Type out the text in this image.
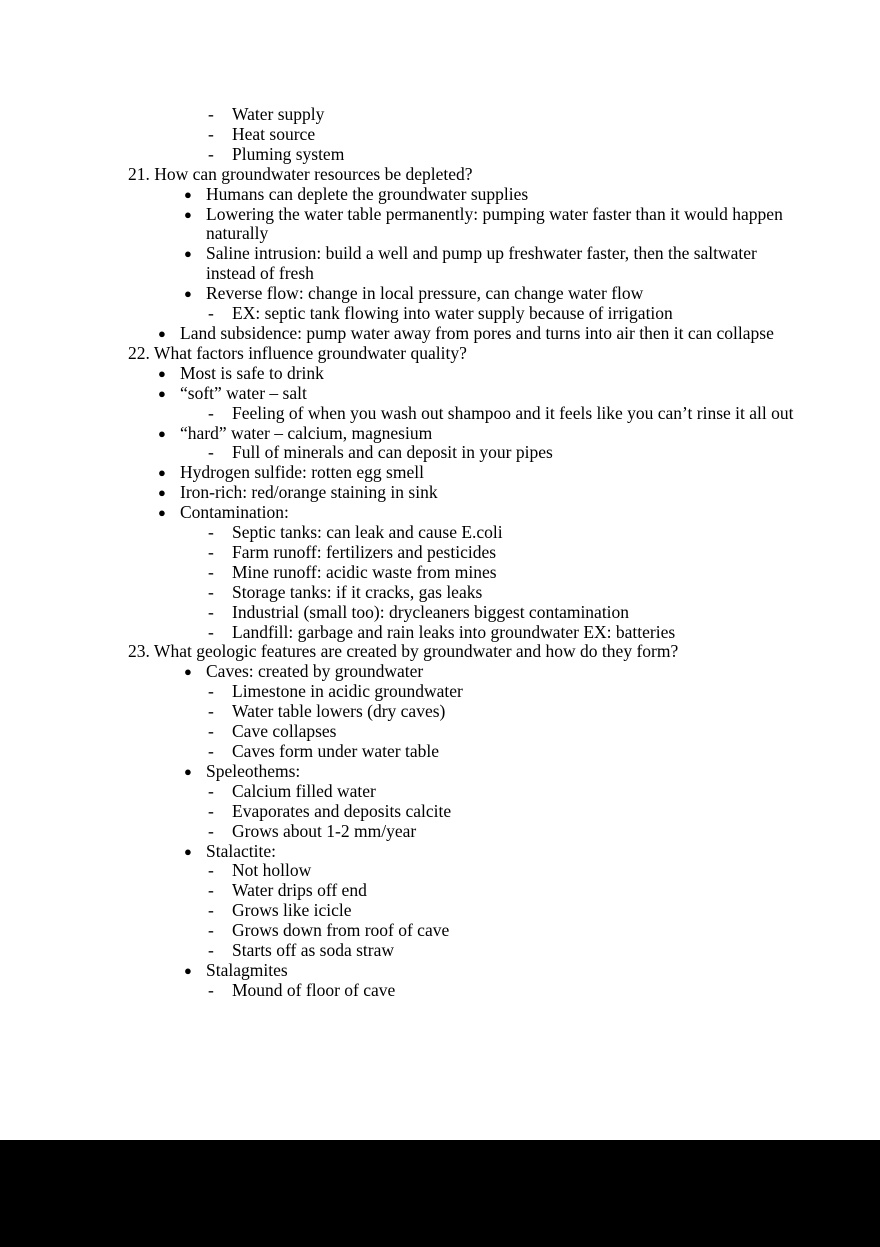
- Water supply
- Heat source
- Pluming system

21. How can groundwater resources be depleted?

● Humans can deplete the groundwater supplies
● Lowering the water table permanently: pumping water faster than it would happen naturally
● Saline intrusion: build a well and pump up freshwater faster, then the saltwater instead of fresh
● Reverse flow: change in local pressure, can change water flow
- EX: septic tank flowing into water supply because of irrigation
● Land subsidence: pump water away from pores and turns into air then it can collapse

22. What factors influence groundwater quality?

● Most is safe to drink
● “soft” water – salt
- Feeling of when you wash out shampoo and it feels like you can’t rinse it all out
● “hard” water – calcium, magnesium
- Full of minerals and can deposit in your pipes
● Hydrogen sulfide: rotten egg smell
● Iron-rich: red/orange staining in sink
● Contamination:
- Septic tanks: can leak and cause E.coli
- Farm runoff: fertilizers and pesticides
- Mine runoff: acidic waste from mines
- Storage tanks: if it cracks, gas leaks
- Industrial (small too): drycleaners biggest contamination
- Landfill: garbage and rain leaks into groundwater EX: batteries

23. What geologic features are created by groundwater and how do they form?

● Caves: created by groundwater
- Limestone in acidic groundwater
- Water table lowers (dry caves)
- Cave collapses
- Caves form under water table
● Speleothems:
- Calcium filled water
- Evaporates and deposits calcite
- Grows about 1-2 mm/year
● Stalactite:
- Not hollow
- Water drips off end
- Grows like icicle
- Grows down from roof of cave
- Starts off as soda straw
● Stalagmites
- Mound of floor of cave
